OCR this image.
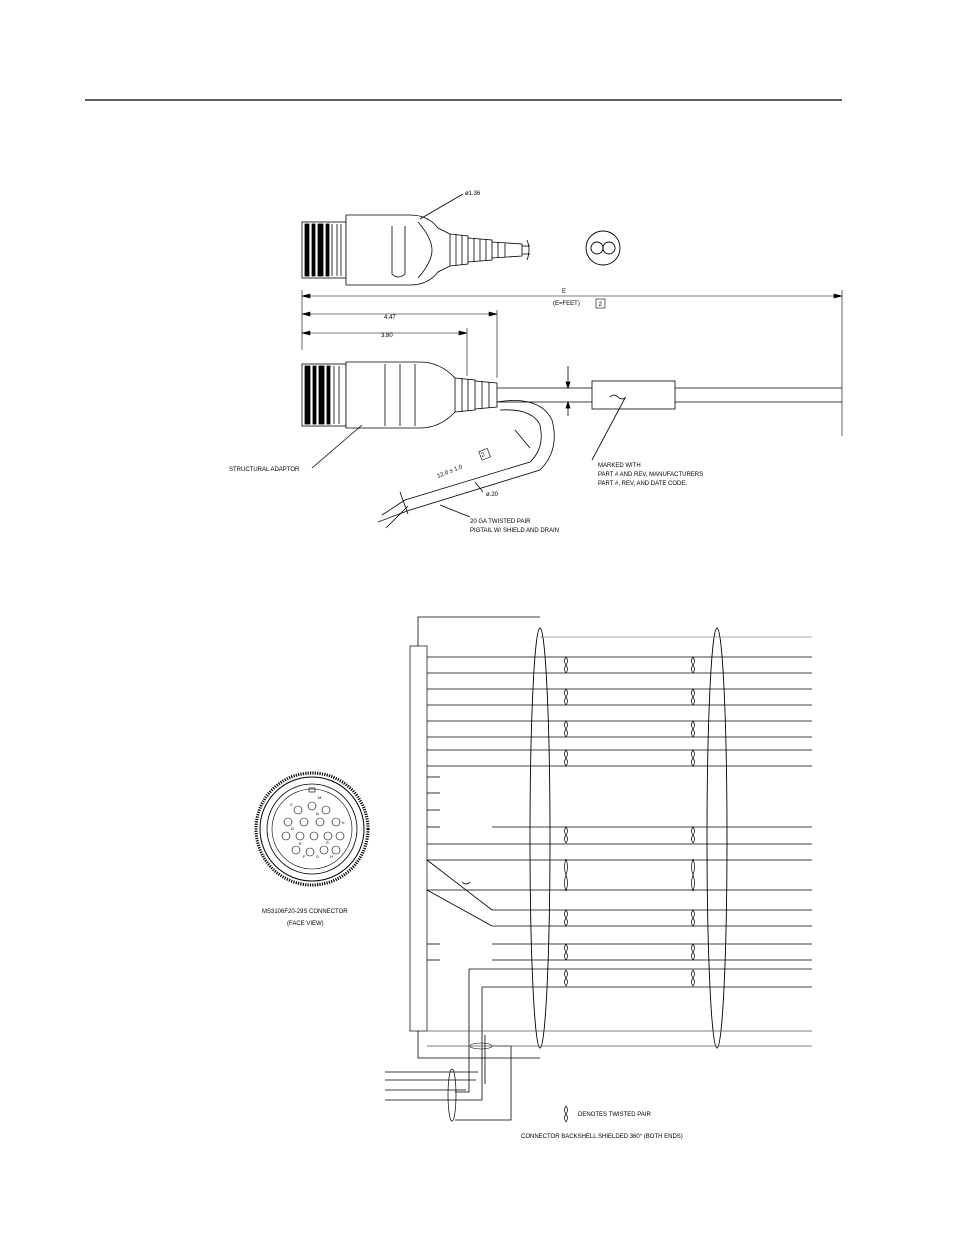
ø1.36
E
(E=FEET)	2
4.47
3.80
12.0 ± 1.0
2
ø.20
STRUCTURAL ADAPTOR
MARKED WITH
PART # AND REV, MANUFACTURERS
PART #, REV, AND DATE CODE.
20 GA TWISTED PAIR
PIGTAIL W/ SHIELD AND DRAIN
C
M
N
K
D
S
E
F	G	H
MS3106F20-29S CONNECTOR
(FACE VIEW)
DENOTES TWISTED PAIR
CONNECTOR BACKSHELL SHIELDED 360° (BOTH ENDS)
